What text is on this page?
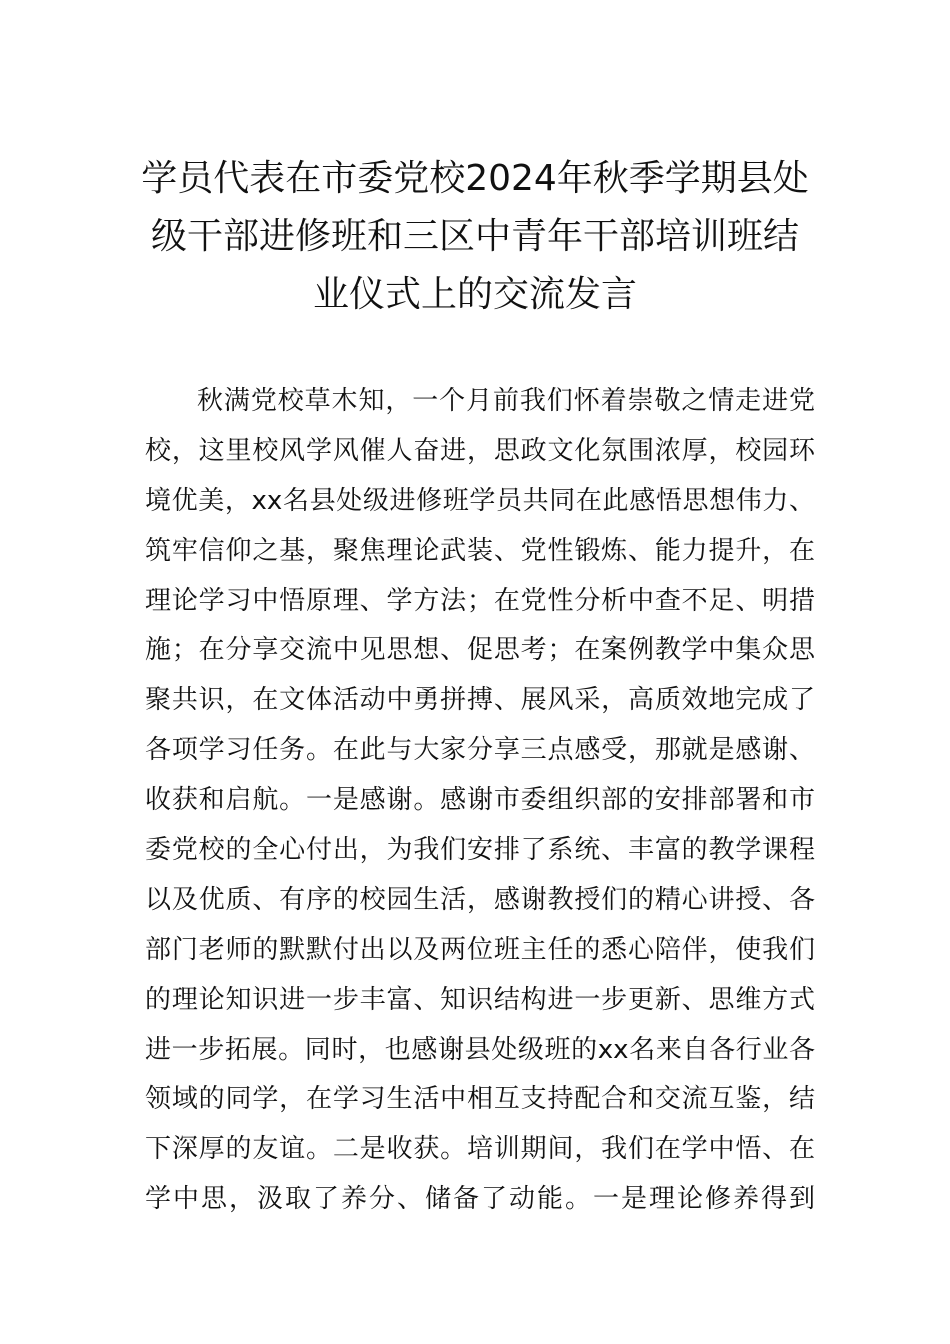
学员代表在市委党校2024年秋季学期县处
级干部进修班和三区中青年干部培训班结
业仪式上的交流发言
秋满党校草木知，一个月前我们怀着崇敬之情走进党
校，这里校风学风催人奋进，思政文化氛围浓厚，校园环
境优美，xx名县处级进修班学员共同在此感悟思想伟力、
筑牢信仰之基，聚焦理论武装、党性锻炼、能力提升，在
理论学习中悟原理、学方法；在党性分析中查不足、明措
施；在分享交流中见思想、促思考；在案例教学中集众思
聚共识，在文体活动中勇拼搏、展风采，高质效地完成了
各项学习任务。在此与大家分享三点感受，那就是感谢、
收获和启航。一是感谢。感谢市委组织部的安排部署和市
委党校的全心付出，为我们安排了系统、丰富的教学课程
以及优质、有序的校园生活，感谢教授们的精心讲授、各
部门老师的默默付出以及两位班主任的悉心陪伴，使我们
的理论知识进一步丰富、知识结构进一步更新、思维方式
进一步拓展。同时，也感谢县处级班的xx名来自各行业各
领域的同学，在学习生活中相互支持配合和交流互鉴，结
下深厚的友谊。二是收获。培训期间，我们在学中悟、在
学中思，汲取了养分、储备了动能。一是理论修养得到
